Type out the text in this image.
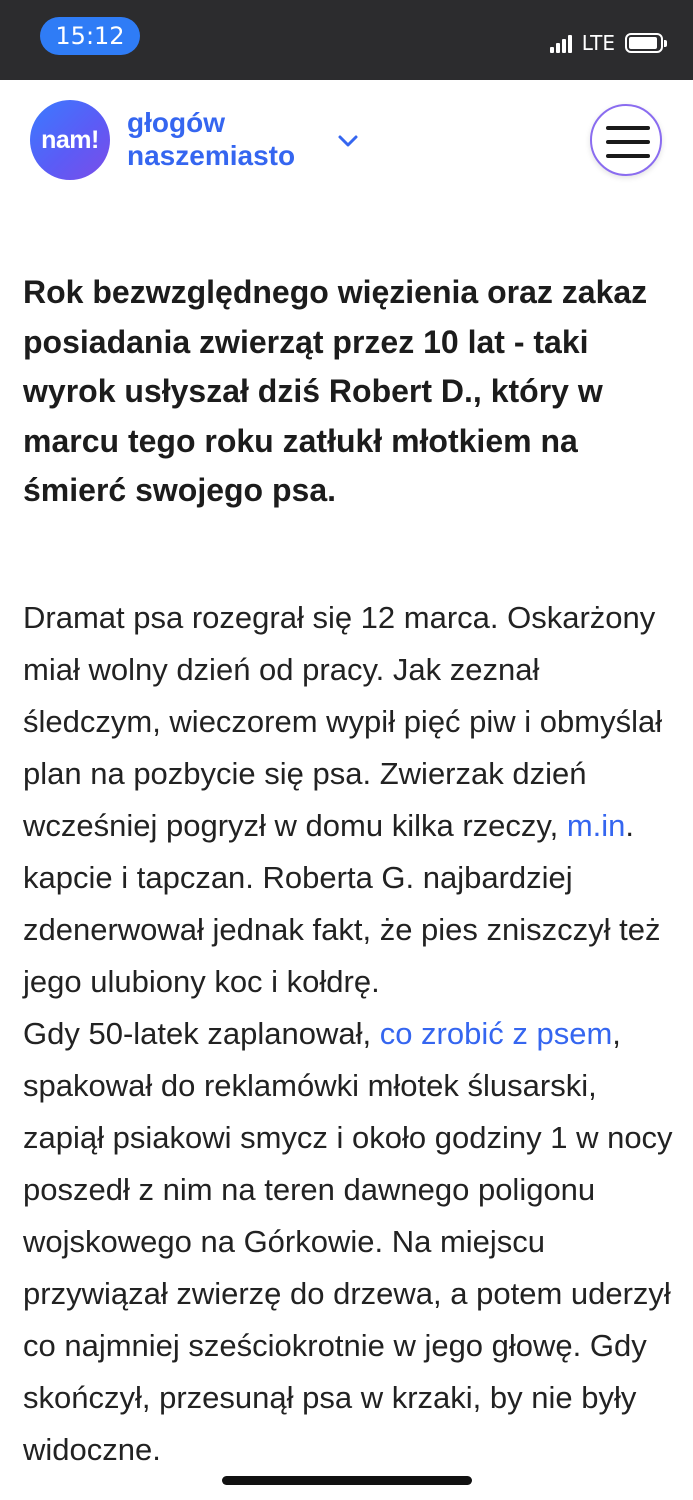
15:12	LTE
nam!
głogów
naszemiasto

Rok bezwzględnego więzienia oraz zakaz posiadania zwierząt przez 10 lat - taki wyrok usłyszał dziś Robert D., który w marcu tego roku zatłukł młotkiem na śmierć swojego psa.

Dramat psa rozegrał się 12 marca. Oskarżony miał wolny dzień od pracy. Jak zeznał śledczym, wieczorem wypił pięć piw i obmyślał plan na pozbycie się psa. Zwierzak dzień wcześniej pogryzł w domu kilka rzeczy, m.in. kapcie i tapczan. Roberta G. najbardziej zdenerwował jednak fakt, że pies zniszczył też jego ulubiony koc i kołdrę.

Gdy 50-latek zaplanował, co zrobić z psem, spakował do reklamówki młotek ślusarski, zapiął psiakowi smycz i około godziny 1 w nocy poszedł z nim na teren dawnego poligonu wojskowego na Górkowie. Na miejscu przywiązał zwierzę do drzewa, a potem uderzył co najmniej sześciokrotnie w jego głowę. Gdy skończył, przesunął psa w krzaki, by nie były widoczne.
